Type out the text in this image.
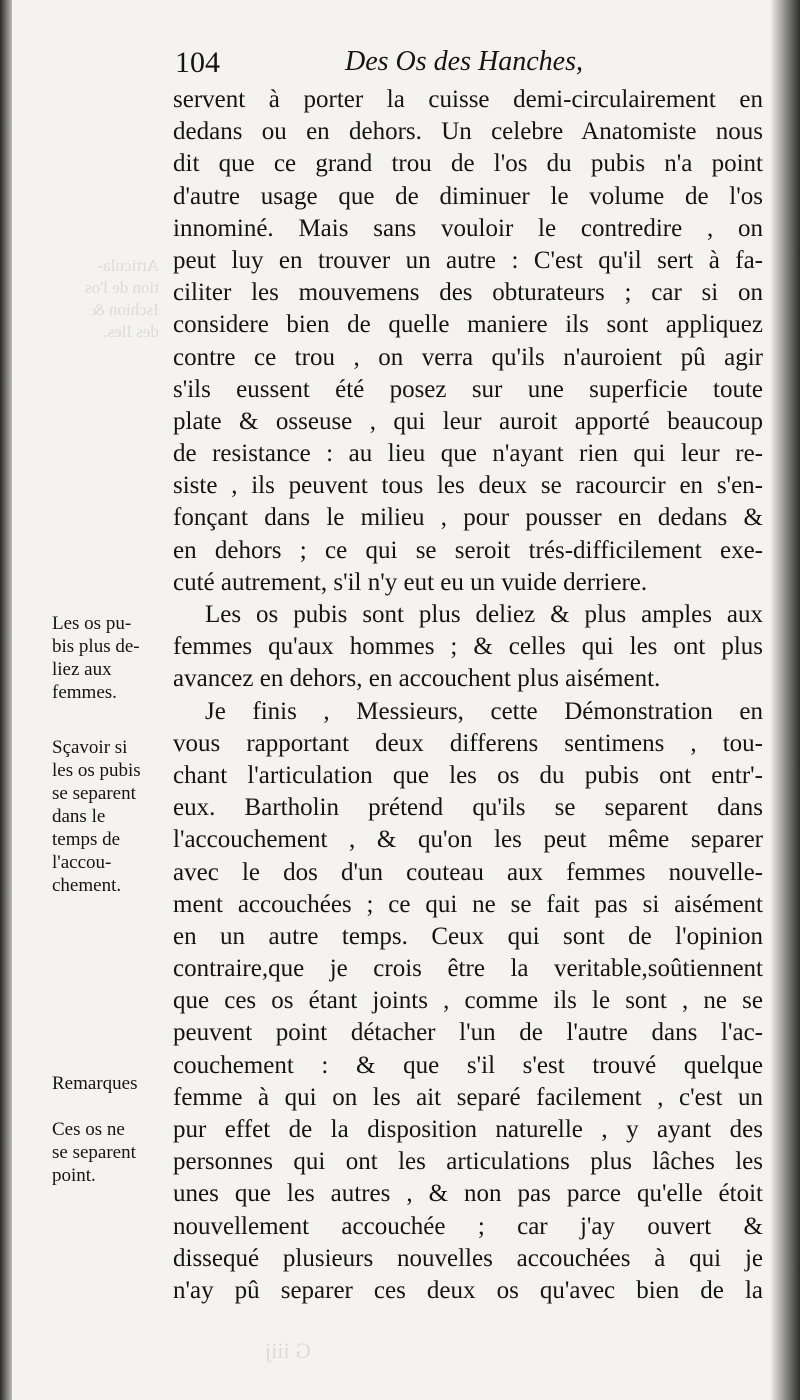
Articula-
tion de l'os
Ischion &
des Iles.
104	Des Os des Hanches,
servent à porter la cuisse demi-circulairement en
dedans ou en dehors. Un celebre Anatomiste nous
dit que ce grand trou de l'os du pubis n'a point
d'autre usage que de diminuer le volume de l'os
innominé. Mais sans vouloir le contredire , on
peut luy en trouver un autre : C'est qu'il sert à fa-
ciliter les mouvemens des obturateurs ; car si on
considere bien de quelle maniere ils sont appliquez
contre ce trou , on verra qu'ils n'auroient pû agir
s'ils eussent été posez sur une superficie toute
plate & osseuse , qui leur auroit apporté beaucoup
de resistance : au lieu que n'ayant rien qui leur re-
siste , ils peuvent tous les deux se racourcir en s'en-
fonçant dans le milieu , pour pousser en dedans &
en dehors ; ce qui se seroit trés-difficilement exe-
cuté autrement, s'il n'y eut eu un vuide derriere.
Les os pubis sont plus deliez & plus amples aux
femmes qu'aux hommes ; & celles qui les ont plus
avancez en dehors, en accouchent plus aisément.
Je finis , Messieurs, cette Démonstration en
vous rapportant deux differens sentimens , tou-
chant l'articulation que les os du pubis ont entr'-
eux. Bartholin prétend qu'ils se separent dans
l'accouchement , & qu'on les peut même separer
avec le dos d'un couteau aux femmes nouvelle-
ment accouchées ; ce qui ne se fait pas si aisément
en un autre temps. Ceux qui sont de l'opinion
contraire,que je crois être la veritable,soûtiennent
que ces os étant joints , comme ils le sont , ne se
peuvent point détacher l'un de l'autre dans l'ac-
couchement : & que s'il s'est trouvé quelque
femme à qui on les ait separé facilement , c'est un
pur effet de la disposition naturelle , y ayant des
personnes qui ont les articulations plus lâches les
unes que les autres , & non pas parce qu'elle étoit
nouvellement accouchée ; car j'ay ouvert &
dissequé plusieurs nouvelles accouchées à qui je
n'ay pû separer ces deux os qu'avec bien de la
Les os pu-
bis plus de-
liez aux
femmes.
Sçavoir si
les os pubis
se separent
dans le
temps de
l'accou-
chement.
Remarques
Ces os ne
se separent
point.
G iiij
